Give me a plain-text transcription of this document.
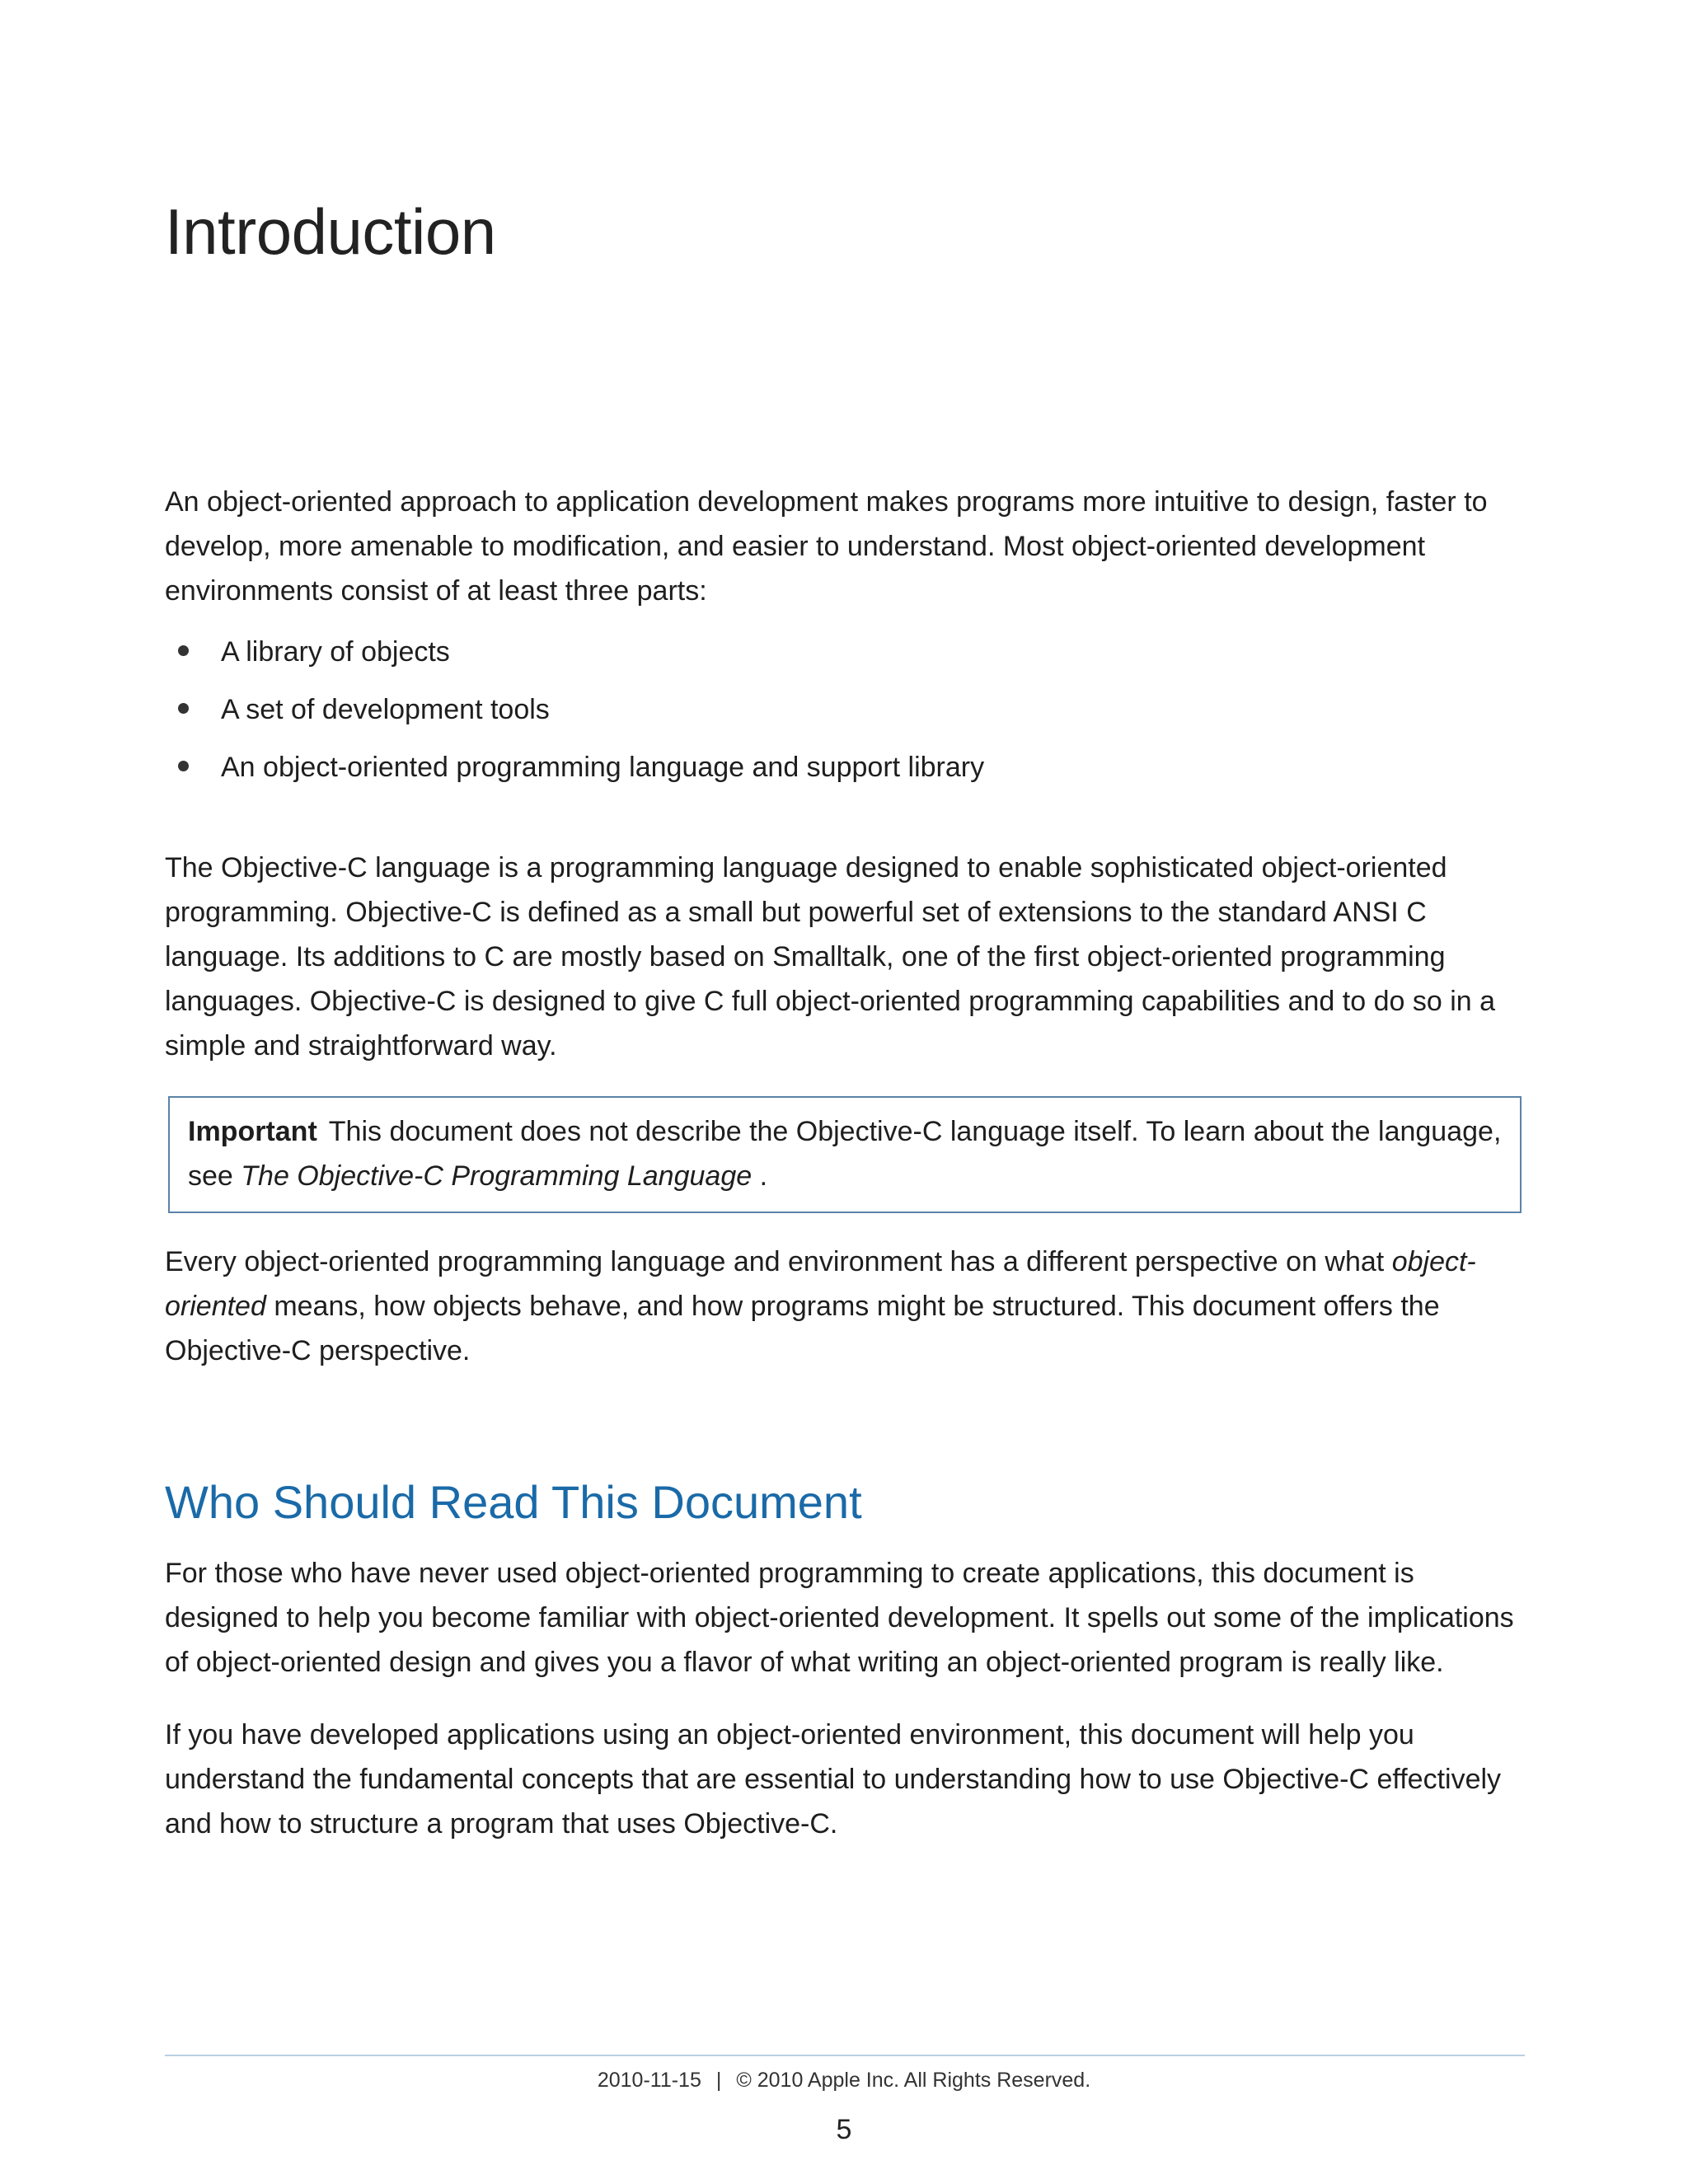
Introduction

An object-oriented approach to application development makes programs more intuitive to design, faster to develop, more amenable to modification, and easier to understand. Most object-oriented development environments consist of at least three parts:

A library of objects
A set of development tools
An object-oriented programming language and support library

The Objective-C language is a programming language designed to enable sophisticated object-oriented programming. Objective-C is defined as a small but powerful set of extensions to the standard ANSI C language. Its additions to C are mostly based on Smalltalk, one of the first object-oriented programming languages. Objective-C is designed to give C full object-oriented programming capabilities and to do so in a simple and straightforward way.

Important This document does not describe the Objective-C language itself. To learn about the language, see The Objective-C Programming Language .

Every object-oriented programming language and environment has a different perspective on what object-oriented means, how objects behave, and how programs might be structured. This document offers the Objective-C perspective.

Who Should Read This Document

For those who have never used object-oriented programming to create applications, this document is designed to help you become familiar with object-oriented development. It spells out some of the implications of object-oriented design and gives you a flavor of what writing an object-oriented program is really like.

If you have developed applications using an object-oriented environment, this document will help you understand the fundamental concepts that are essential to understanding how to use Objective-C effectively and how to structure a program that uses Objective-C.

2010-11-15 | © 2010 Apple Inc. All Rights Reserved.
5
